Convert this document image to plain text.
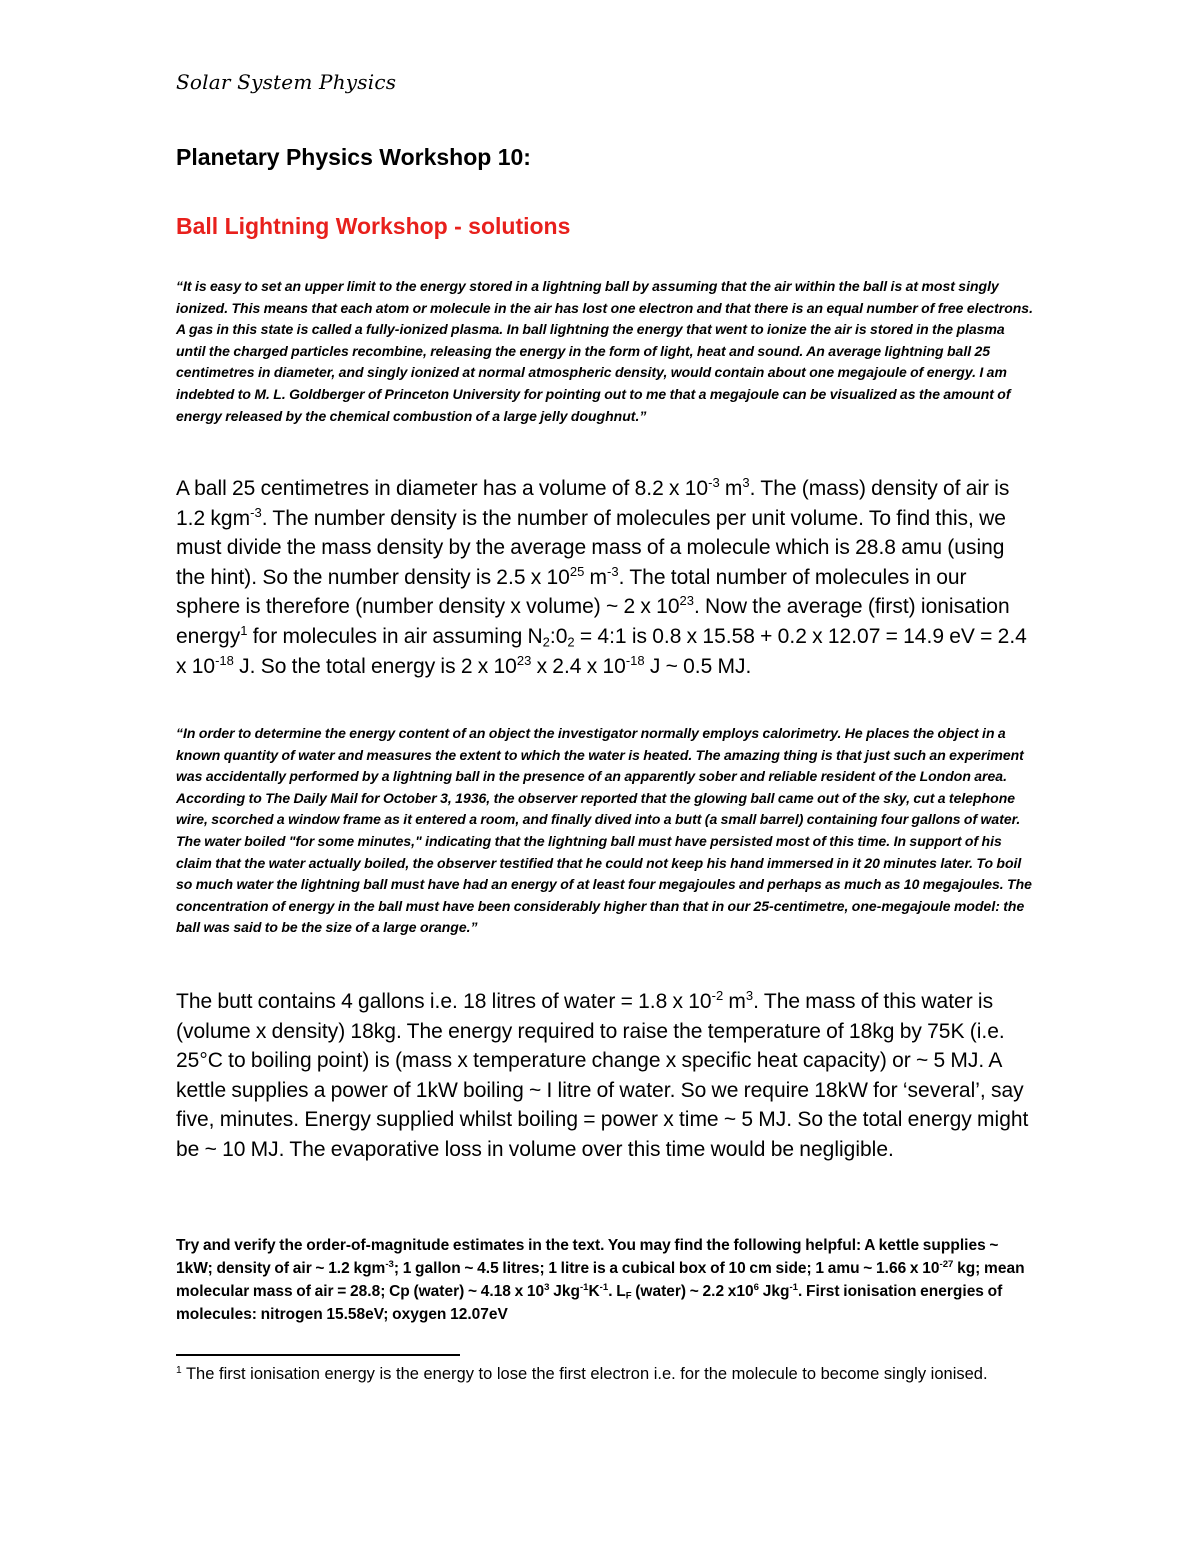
Solar System Physics
Planetary Physics Workshop 10:
Ball Lightning Workshop - solutions
“It is easy to set an upper limit to the energy stored in a lightning ball by assuming that the air within the ball is at most singly ionized. This means that each atom or molecule in the air has lost one electron and that there is an equal number of free electrons. A gas in this state is called a fully-ionized plasma. In ball lightning the energy that went to ionize the air is stored in the plasma until the charged particles recombine, releasing the energy in the form of light, heat and sound. An average lightning ball 25 centimetres in diameter, and singly ionized at normal atmospheric density, would contain about one megajoule of energy. I am indebted to M. L. Goldberger of Princeton University for pointing out to me that a megajoule can be visualized as the amount of energy released by the chemical combustion of a large jelly doughnut.”
A ball 25 centimetres in diameter has a volume of 8.2 x $10^{-3}$ $m^3$. The (mass) density of air is 1.2 kgm$^{-3}$. The number density is the number of molecules per unit volume. To find this, we must divide the mass density by the average mass of a molecule which is 28.8 amu (using the hint). So the number density is 2.5 x $10^{25}$ $m^{-3}$. The total number of molecules in our sphere is therefore (number density x volume) ~ 2 x $10^{23}$. Now the average (first) ionisation energy$^1$ for molecules in air assuming $N_2:0_2$ = 4:1 is 0.8 x 15.58 + 0.2 x 12.07 = 14.9 eV = 2.4 x $10^{-18}$ J. So the total energy is 2 x $10^{23}$ x 2.4 x $10^{-18}$ J ~ 0.5 MJ.
“In order to determine the energy content of an object the investigator normally employs calorimetry. He places the object in a known quantity of water and measures the extent to which the water is heated. The amazing thing is that just such an experiment was accidentally performed by a lightning ball in the presence of an apparently sober and reliable resident of the London area. According to The Daily Mail for October 3, 1936, the observer reported that the glowing ball came out of the sky, cut a telephone wire, scorched a window frame as it entered a room, and finally dived into a butt (a small barrel) containing four gallons of water. The water boiled "for some minutes," indicating that the lightning ball must have persisted most of this time. In support of his claim that the water actually boiled, the observer testified that he could not keep his hand immersed in it 20 minutes later. To boil so much water the lightning ball must have had an energy of at least four megajoules and perhaps as much as 10 megajoules. The concentration of energy in the ball must have been considerably higher than that in our 25-centimetre, one-megajoule model: the ball was said to be the size of a large orange.”
The butt contains 4 gallons i.e. 18 litres of water = 1.8 x $10^{-2}$ $m^3$. The mass of this water is (volume x density) 18kg. The energy required to raise the temperature of 18kg by 75K (i.e. 25°C to boiling point) is (mass x temperature change x specific heat capacity) or ~ 5 MJ. A kettle supplies a power of 1kW boiling ~ I litre of water. So we require 18kW for ‘several’, say five, minutes. Energy supplied whilst boiling = power x time ~ 5 MJ. So the total energy might be ~ 10 MJ. The evaporative loss in volume over this time would be negligible.
Try and verify the order-of-magnitude estimates in the text. You may find the following helpful: A kettle supplies ~ 1kW; density of air ~ 1.2 kgm$^{-3}$; 1 gallon ~ 4.5 litres; 1 litre is a cubical box of 10 cm side; 1 amu ~ 1.66 x $10^{-27}$ kg; mean molecular mass of air = 28.8; Cp (water) ~ 4.18 x $10^3$ $Jkg^{-1}K^{-1}$. $L_F$ (water) ~ 2.2 $x10^6$ Jkg$^{-1}$. First ionisation energies of molecules: nitrogen 15.58eV; oxygen 12.07eV
$^1$ The first ionisation energy is the energy to lose the first electron i.e. for the molecule to become singly ionised.
